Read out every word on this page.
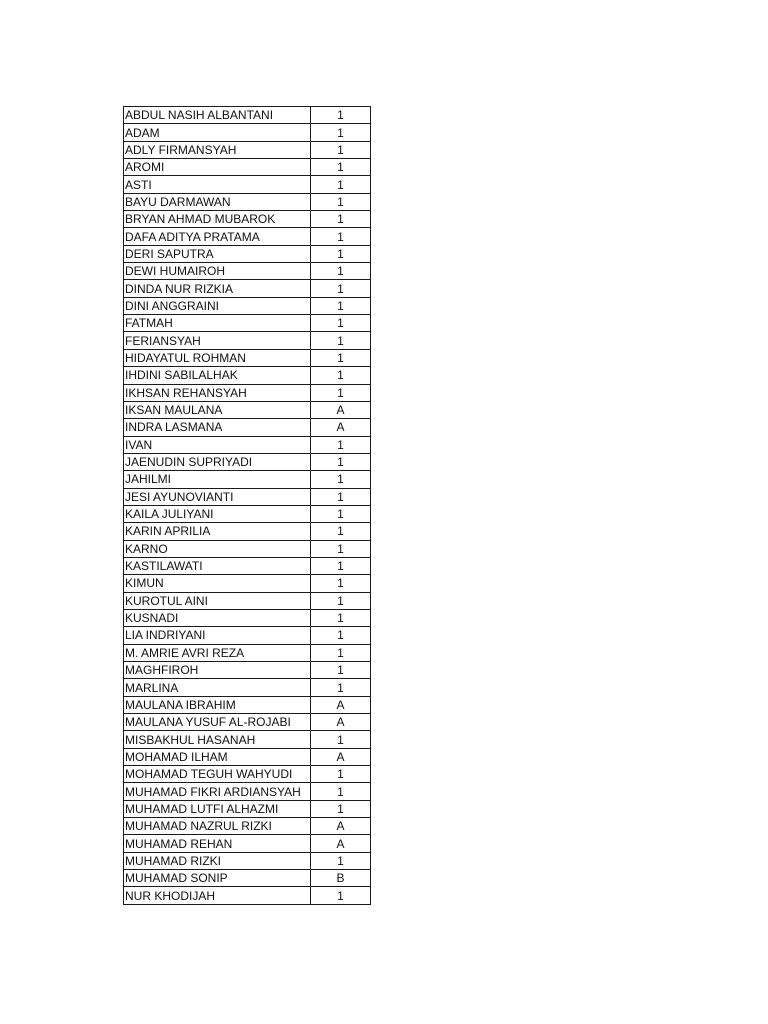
ABDUL NASIH ALBANTANI	1
ADAM	1
ADLY FIRMANSYAH	1
AROMI	1
ASTI	1
BAYU DARMAWAN	1
BRYAN AHMAD MUBAROK	1
DAFA ADITYA PRATAMA	1
DERI SAPUTRA	1
DEWI HUMAIROH	1
DINDA NUR RIZKIA	1
DINI ANGGRAINI	1
FATMAH	1
FERIANSYAH	1
HIDAYATUL ROHMAN	1
IHDINI SABILALHAK	1
IKHSAN REHANSYAH	1
IKSAN MAULANA	A
INDRA LASMANA	A
IVAN	1
JAENUDIN SUPRIYADI	1
JAHILMI	1
JESI AYUNOVIANTI	1
KAILA JULIYANI	1
KARIN APRILIA	1
KARNO	1
KASTILAWATI	1
KIMUN	1
KUROTUL AINI	1
KUSNADI	1
LIA INDRIYANI	1
M. AMRIE AVRI REZA	1
MAGHFIROH	1
MARLINA	1
MAULANA IBRAHIM	A
MAULANA YUSUF AL-ROJABI	A
MISBAKHUL HASANAH	1
MOHAMAD ILHAM	A
MOHAMAD TEGUH WAHYUDI	1
MUHAMAD FIKRI ARDIANSYAH	1
MUHAMAD LUTFI ALHAZMI	1
MUHAMAD NAZRUL RIZKI	A
MUHAMAD REHAN	A
MUHAMAD RIZKI	1
MUHAMAD SONIP	B
NUR KHODIJAH	1
